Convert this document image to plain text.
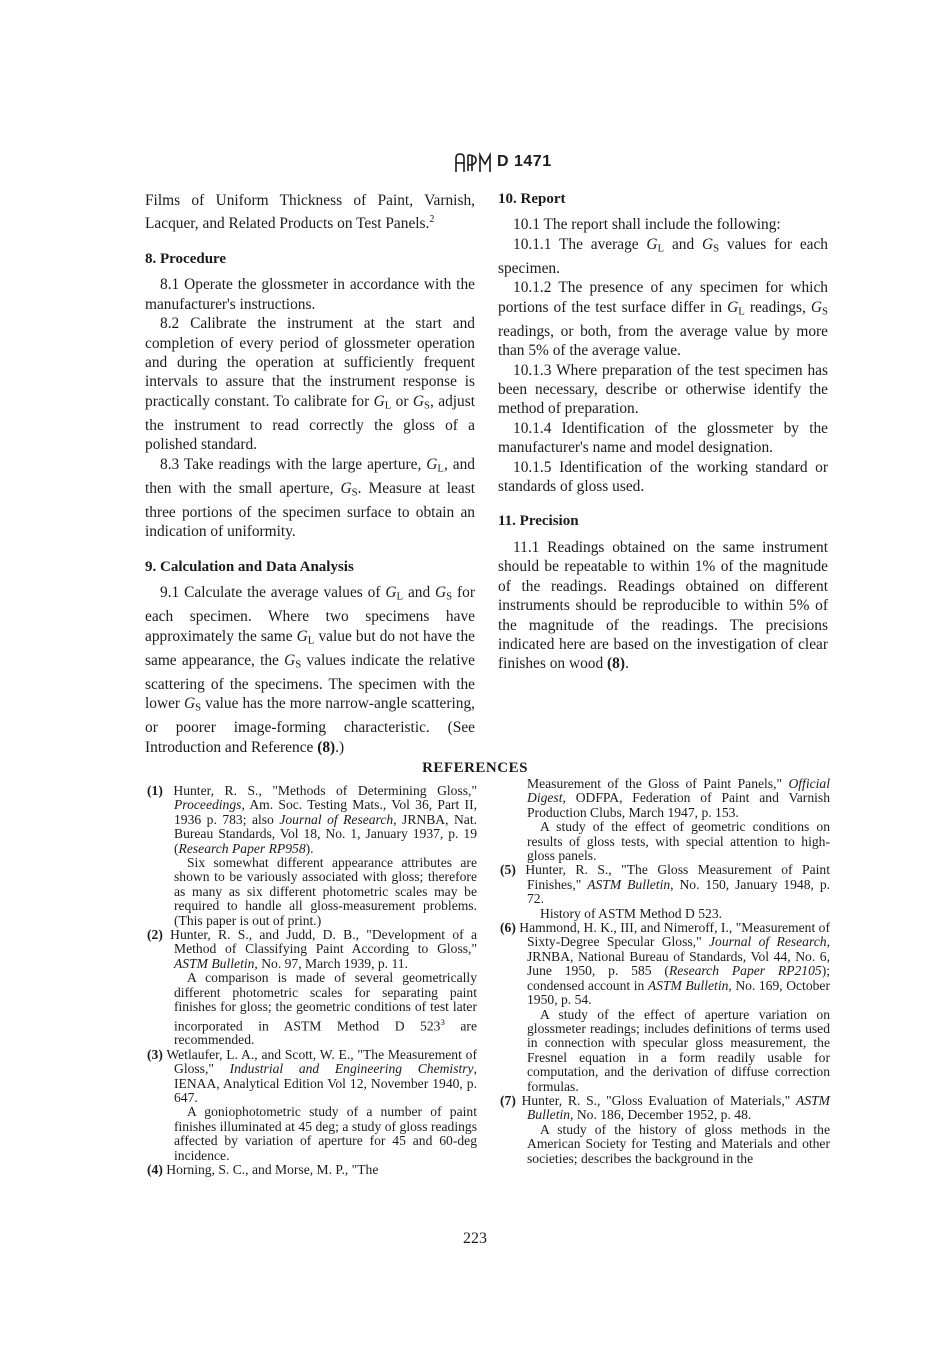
D 1471

Films of Uniform Thickness of Paint, Varnish, Lacquer, and Related Products on Test Panels.$^2$

8. Procedure

8.1 Operate the glossmeter in accordance with the manufacturer's instructions.

8.2 Calibrate the instrument at the start and completion of every period of glossmeter operation and during the operation at sufficiently frequent intervals to assure that the instrument response is practically constant. To calibrate for $G_L$ or $G_S$, adjust the instrument to read correctly the gloss of a polished standard.

8.3 Take readings with the large aperture, $G_L$, and then with the small aperture, $G_S$. Measure at least three portions of the specimen surface to obtain an indication of uniformity.

9. Calculation and Data Analysis

9.1 Calculate the average values of $G_L$ and $G_S$ for each specimen. Where two specimens have approximately the same $G_L$ value but do not have the same appearance, the $G_S$ values indicate the relative scattering of the specimens. The specimen with the lower $G_S$ value has the more narrow-angle scattering, or poorer image-forming characteristic. (See Introduction and Reference (8).)

10. Report

10.1 The report shall include the following:

10.1.1 The average $G_L$ and $G_S$ values for each specimen.

10.1.2 The presence of any specimen for which portions of the test surface differ in $G_L$ readings, $G_S$ readings, or both, from the average value by more than 5% of the average value.

10.1.3 Where preparation of the test specimen has been necessary, describe or otherwise identify the method of preparation.

10.1.4 Identification of the glossmeter by the manufacturer's name and model designation.

10.1.5 Identification of the working standard or standards of gloss used.

11. Precision

11.1 Readings obtained on the same instrument should be repeatable to within 1% of the magnitude of the readings. Readings obtained on different instruments should be reproducible to within 5% of the magnitude of the readings. The precisions indicated here are based on the investigation of clear finishes on wood (8).

REFERENCES
(1) Hunter, R. S., "Methods of Determining Gloss," Proceedings, Am. Soc. Testing Mats., Vol 36, Part II, 1936 p. 783; also Journal of Research, JRNBA, Nat. Bureau Standards, Vol 18, No. 1, January 1937, p. 19 (Research Paper RP958).
Six somewhat different appearance attributes are shown to be variously associated with gloss; therefore as many as six different photometric scales may be required to handle all gloss-measurement problems. (This paper is out of print.)
(2) Hunter, R. S., and Judd, D. B., "Development of a Method of Classifying Paint According to Gloss," ASTM Bulletin, No. 97, March 1939, p. 11.
A comparison is made of several geometrically different photometric scales for separating paint finishes for gloss; the geometric conditions of test later incorporated in ASTM Method D $523^3$ are recommended.
(3) Wetlaufer, L. A., and Scott, W. E., "The Measurement of Gloss," Industrial and Engineering Chemistry, IENAA, Analytical Edition Vol 12, November 1940, p. 647.
A goniophotometric study of a number of paint finishes illuminated at 45 deg; a study of gloss readings affected by variation of aperture for 45 and 60-deg incidence.
(4) Horning, S. C., and Morse, M. P., "The
Measurement of the Gloss of Paint Panels," Official Digest, ODFPA, Federation of Paint and Varnish Production Clubs, March 1947, p. 153.
A study of the effect of geometric conditions on results of gloss tests, with special attention to high-gloss panels.
(5) Hunter, R. S., "The Gloss Measurement of Paint Finishes," ASTM Bulletin, No. 150, January 1948, p. 72.
History of ASTM Method D 523.
(6) Hammond, H. K., III, and Nimeroff, I., "Measurement of Sixty-Degree Specular Gloss," Journal of Research, JRNBA, National Bureau of Standards, Vol 44, No. 6, June 1950, p. 585 (Research Paper RP2105); condensed account in ASTM Bulletin, No. 169, October 1950, p. 54.
A study of the effect of aperture variation on glossmeter readings; includes definitions of terms used in connection with specular gloss measurement, the Fresnel equation in a form readily usable for computation, and the derivation of diffuse correction formulas.
(7) Hunter, R. S., "Gloss Evaluation of Materials," ASTM Bulletin, No. 186, December 1952, p. 48.
A study of the history of gloss methods in the American Society for Testing and Materials and other societies; describes the background in the
223
